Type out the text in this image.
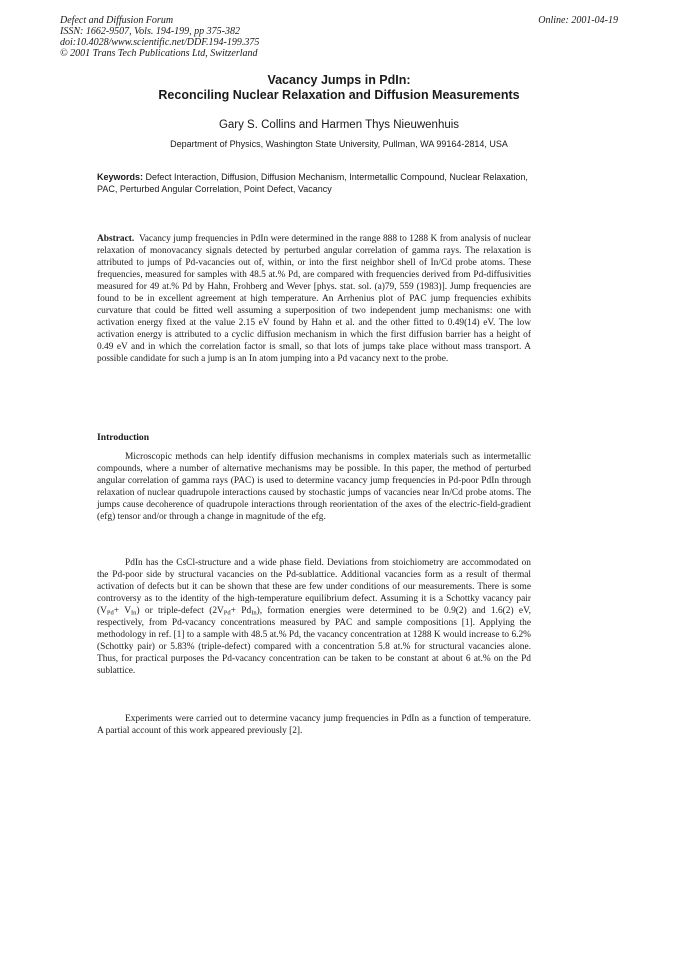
Defect and Diffusion Forum
ISSN: 1662-9507, Vols. 194-199, pp 375-382
doi:10.4028/www.scientific.net/DDF.194-199.375
© 2001 Trans Tech Publications Ltd, Switzerland
Online: 2001-04-19
Vacancy Jumps in PdIn:
Reconciling Nuclear Relaxation and Diffusion Measurements
Gary S. Collins and Harmen Thys Nieuwenhuis
Department of Physics, Washington State University, Pullman, WA 99164-2814, USA
Keywords: Defect Interaction, Diffusion, Diffusion Mechanism, Intermetallic Compound, Nuclear Relaxation, PAC, Perturbed Angular Correlation, Point Defect, Vacancy
Abstract. Vacancy jump frequencies in PdIn were determined in the range 888 to 1288 K from analysis of nuclear relaxation of monovacancy signals detected by perturbed angular correlation of gamma rays. The relaxation is attributed to jumps of Pd-vacancies out of, within, or into the first neighbor shell of In/Cd probe atoms. These frequencies, measured for samples with 48.5 at.% Pd, are compared with frequencies derived from Pd-diffusivities measured for 49 at.% Pd by Hahn, Frohberg and Wever [phys. stat. sol. (a)79, 559 (1983)]. Jump frequencies are found to be in excellent agreement at high temperature. An Arrhenius plot of PAC jump frequencies exhibits curvature that could be fitted well assuming a superposition of two independent jump mechanisms: one with activation energy fixed at the value 2.15 eV found by Hahn et al. and the other fitted to 0.49(14) eV. The low activation energy is attributed to a cyclic diffusion mechanism in which the first diffusion barrier has a height of 0.49 eV and in which the correlation factor is small, so that lots of jumps take place without mass transport. A possible candidate for such a jump is an In atom jumping into a Pd vacancy next to the probe.
Introduction
Microscopic methods can help identify diffusion mechanisms in complex materials such as intermetallic compounds, where a number of alternative mechanisms may be possible. In this paper, the method of perturbed angular correlation of gamma rays (PAC) is used to determine vacancy jump frequencies in Pd-poor PdIn through relaxation of nuclear quadrupole interactions caused by stochastic jumps of vacancies near In/Cd probe atoms. The jumps cause decoherence of quadrupole interactions through reorientation of the axes of the electric-field-gradient (efg) tensor and/or through a change in magnitude of the efg.
PdIn has the CsCl-structure and a wide phase field. Deviations from stoichiometry are accommodated on the Pd-poor side by structural vacancies on the Pd-sublattice. Additional vacancies form as a result of thermal activation of defects but it can be shown that these are few under conditions of our measurements. There is some controversy as to the identity of the high-temperature equilibrium defect. Assuming it is a Schottky vacancy pair $(V_{Pd}+ V_{In})$ or triple-defect $(2V_{Pd}+ Pd_{In})$, formation energies were determined to be 0.9(2) and 1.6(2) eV, respectively, from Pd-vacancy concentrations measured by PAC and sample compositions [1]. Applying the methodology in ref. [1] to a sample with 48.5 at.% Pd, the vacancy concentration at 1288 K would increase to 6.2% (Schottky pair) or 5.83% (triple-defect) compared with a concentration 5.8 at.% for structural vacancies alone. Thus, for practical purposes the Pd-vacancy concentration can be taken to be constant at about 6 at.% on the Pd sublattice.
Experiments were carried out to determine vacancy jump frequencies in PdIn as a function of temperature. A partial account of this work appeared previously [2].
